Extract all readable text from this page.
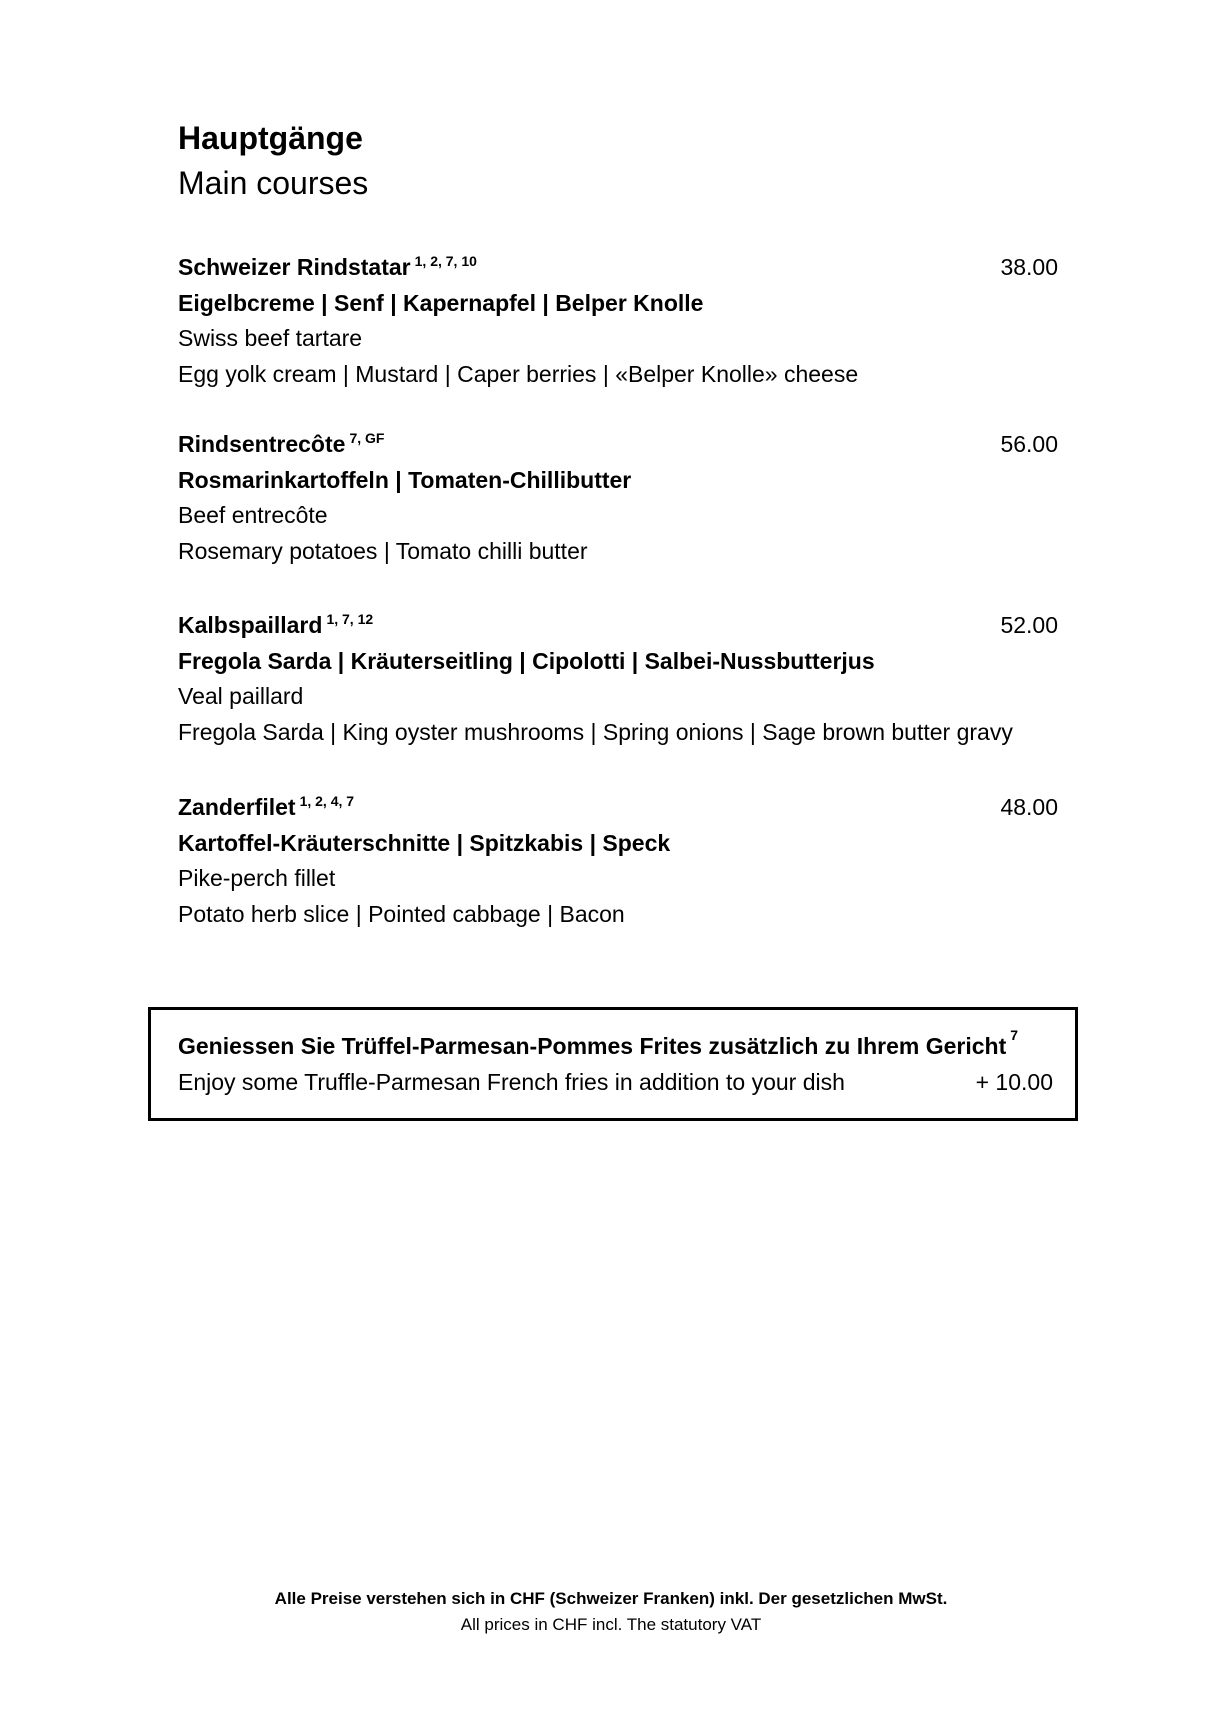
Hauptgänge
Main courses
Schweizer Rindstatar $^{1, 2, 7, 10}$	38.00
Eigelbcreme | Senf | Kapernapfel | Belper Knolle
Swiss beef tartare
Egg yolk cream | Mustard | Caper berries | «Belper Knolle» cheese
Rindsentrecôte $^{7, GF}$	56.00
Rosmarinkartoffeln | Tomaten-Chillibutter
Beef entrecôte
Rosemary potatoes | Tomato chilli butter
Kalbspaillard $^{1, 7, 12}$	52.00
Fregola Sarda | Kräuterseitling | Cipolotti | Salbei-Nussbutterjus
Veal paillard
Fregola Sarda | King oyster mushrooms | Spring onions | Sage brown butter gravy
Zanderfilet $^{1, 2, 4, 7}$	48.00
Kartoffel-Kräuterschnitte | Spitzkabis | Speck
Pike-perch fillet
Potato herb slice | Pointed cabbage | Bacon
Geniessen Sie Trüffel-Parmesan-Pommes Frites zusätzlich zu Ihrem Gericht $^7$
Enjoy some Truffle-Parmesan French fries in addition to your dish	+ 10.00
Alle Preise verstehen sich in CHF (Schweizer Franken) inkl. Der gesetzlichen MwSt.
All prices in CHF incl. The statutory VAT
